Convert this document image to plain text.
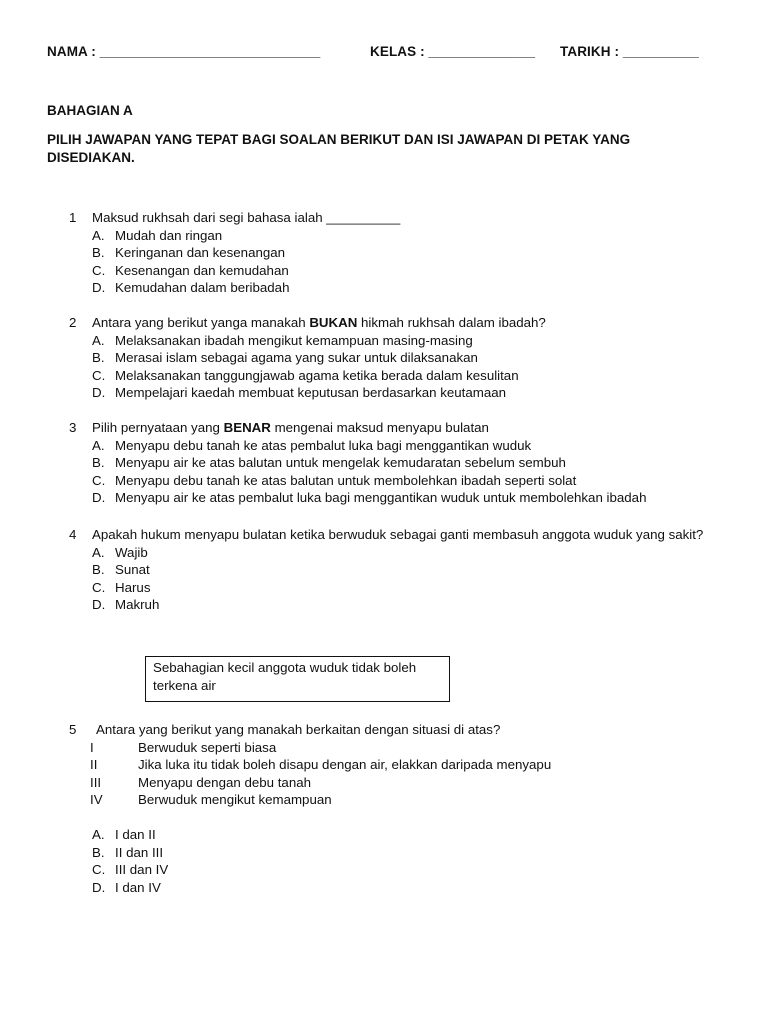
NAMA : _____________________________	KELAS : ______________ TARIKH : __________
BAHAGIAN A
PILIH JAWAPAN YANG TEPAT BAGI SOALAN BERIKUT DAN ISI JAWAPAN DI PETAK YANG DISEDIAKAN.
1 Maksud rukhsah dari segi bahasa ialah __________
A. Mudah dan ringan
B. Keringanan dan kesenangan
C. Kesenangan dan kemudahan
D. Kemudahan dalam beribadah
2 Antara yang berikut yanga manakah BUKAN hikmah rukhsah dalam ibadah?
A. Melaksanakan ibadah mengikut kemampuan masing-masing
B. Merasai islam sebagai agama yang sukar untuk dilaksanakan
C. Melaksanakan tanggungjawab agama ketika berada dalam kesulitan
D. Mempelajari kaedah membuat keputusan berdasarkan keutamaan
3 Pilih pernyataan yang BENAR mengenai maksud menyapu bulatan
A. Menyapu debu tanah ke atas pembalut luka bagi menggantikan wuduk
B. Menyapu air ke atas balutan untuk mengelak kemudaratan sebelum sembuh
C. Menyapu debu tanah ke atas balutan untuk membolehkan ibadah seperti solat
D. Menyapu air ke atas pembalut luka bagi menggantikan wuduk untuk membolehkan ibadah
4 Apakah hukum menyapu bulatan ketika berwuduk sebagai ganti membasuh anggota wuduk yang sakit?
A. Wajib
B. Sunat
C. Harus
D. Makruh
Sebahagian kecil anggota wuduk tidak boleh terkena air
5 Antara yang berikut yang manakah berkaitan dengan situasi di atas?
I	Berwuduk seperti biasa
II	Jika luka itu tidak boleh disapu dengan air, elakkan daripada menyapu
III	Menyapu dengan debu tanah
IV	Berwuduk mengikut kemampuan
A. I dan II
B. II dan III
C. III dan IV
D. I dan IV
